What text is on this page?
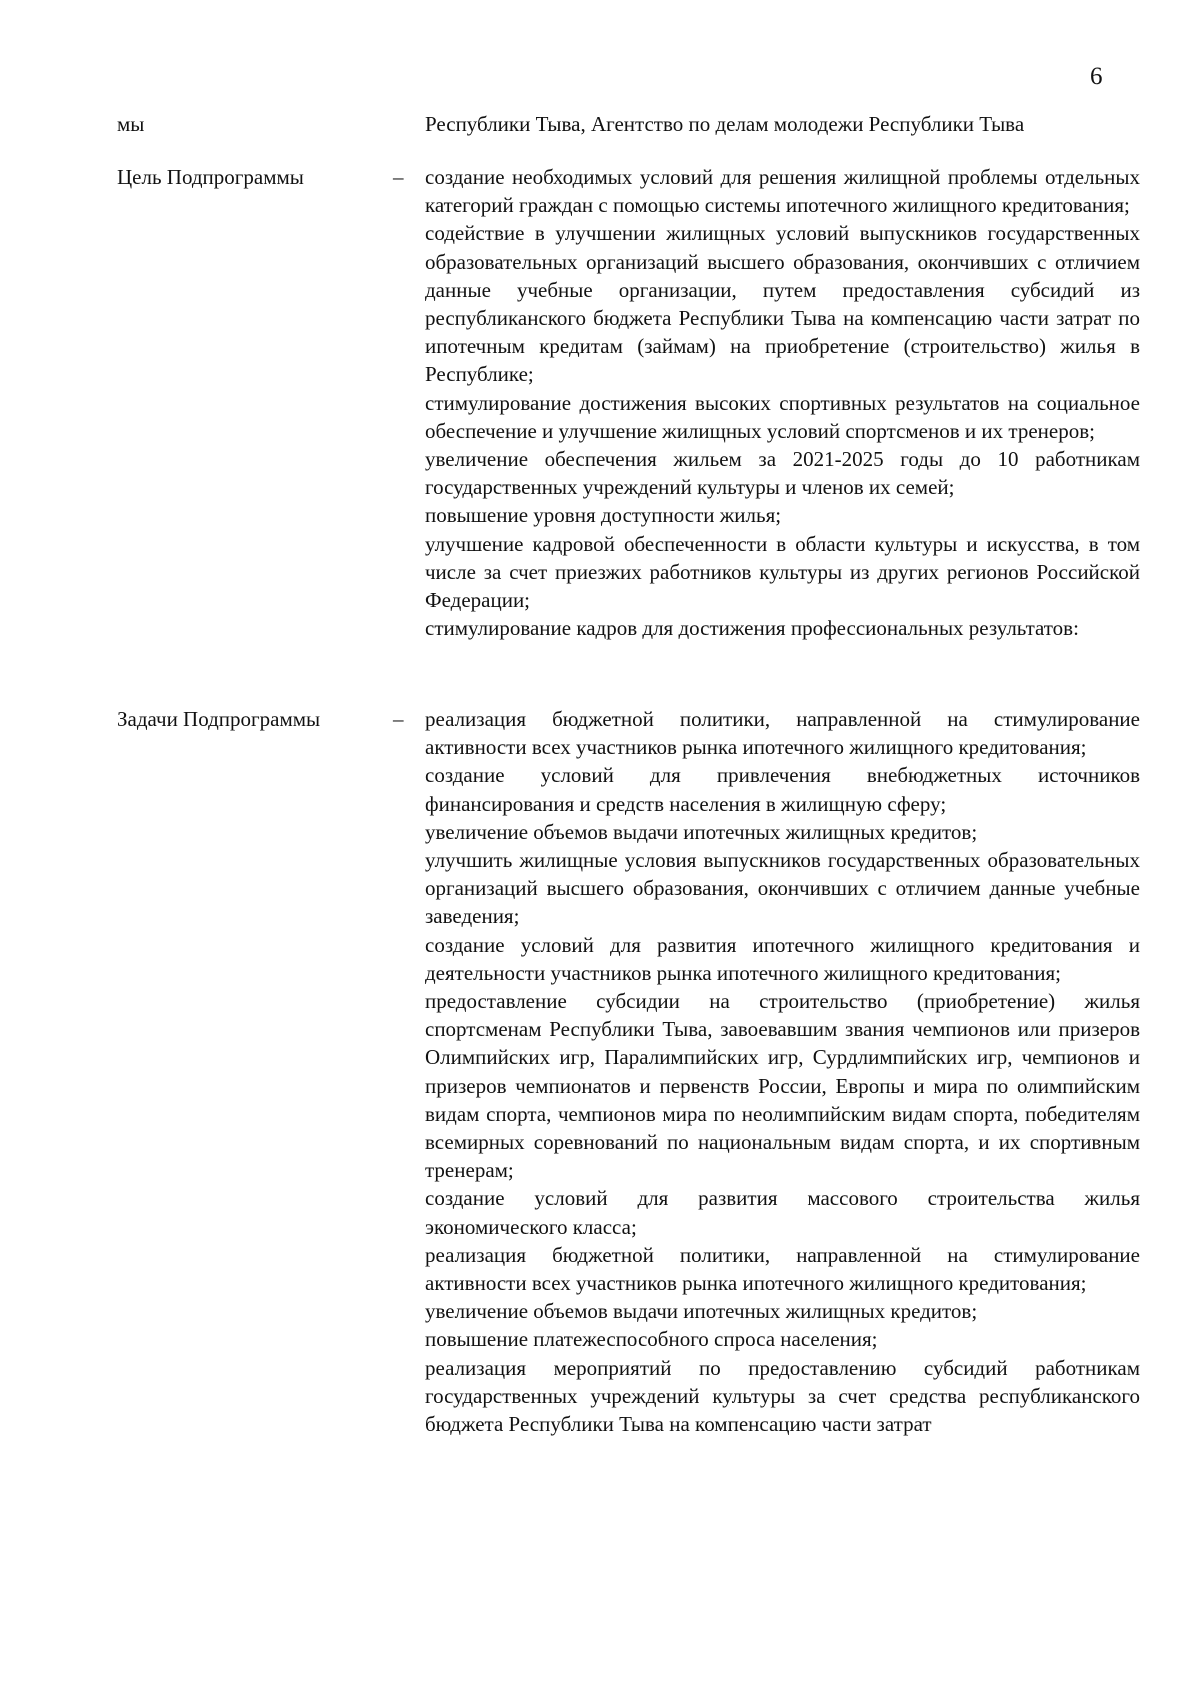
6
мы	Республики Тыва, Агентство по делам молодежи Республики Тыва
Цель Подпрограммы	– создание необходимых условий для решения жилищной проблемы отдельных категорий граждан с помощью системы ипотечного жилищного кредитования;

содействие в улучшении жилищных условий выпускников государственных образовательных организаций высшего образования, окончивших с отличием данные учебные организации, путем предоставления субсидий из республиканского бюджета Республики Тыва на компенсацию части затрат по ипотечным кредитам (займам) на приобретение (строительство) жилья в Республике;

стимулирование достижения высоких спортивных результатов на социальное обеспечение и улучшение жилищных условий спортсменов и их тренеров;

увеличение обеспечения жильем за 2021-2025 годы до 10 работникам государственных учреждений культуры и членов их семей;

повышение уровня доступности жилья;

улучшение кадровой обеспеченности в области культуры и искусства, в том числе за счет приезжих работников культуры из других регионов Российской Федерации;

стимулирование кадров для достижения профессиональных результатов:

Задачи Подпрограммы	– реализация бюджетной политики, направленной на стимулирование активности всех участников рынка ипотечного жилищного кредитования;

создание условий для привлечения внебюджетных источников финансирования и средств населения в жилищную сферу;

увеличение объемов выдачи ипотечных жилищных кредитов;

улучшить жилищные условия выпускников государственных образовательных организаций высшего образования, окончивших с отличием данные учебные заведения;

создание условий для развития ипотечного жилищного кредитования и деятельности участников рынка ипотечного жилищного кредитования;

предоставление субсидии на строительство (приобретение) жилья спортсменам Республики Тыва, завоевавшим звания чемпионов или призеров Олимпийских игр, Паралимпийских игр, Сурдлимпийских игр, чемпионов и призеров чемпионатов и первенств России, Европы и мира по олимпийским видам спорта, чемпионов мира по неолимпийским видам спорта, победителям всемирных соревнований по национальным видам спорта, и их спортивным тренерам;

создание условий для развития массового строительства жилья экономического класса;

реализация бюджетной политики, направленной на стимулирование активности всех участников рынка ипотечного жилищного кредитования;

увеличение объемов выдачи ипотечных жилищных кредитов;

повышение платежеспособного спроса населения;

реализация мероприятий по предоставлению субсидий работникам государственных учреждений культуры за счет средства республиканского бюджета Республики Тыва на компенсацию части затрат
